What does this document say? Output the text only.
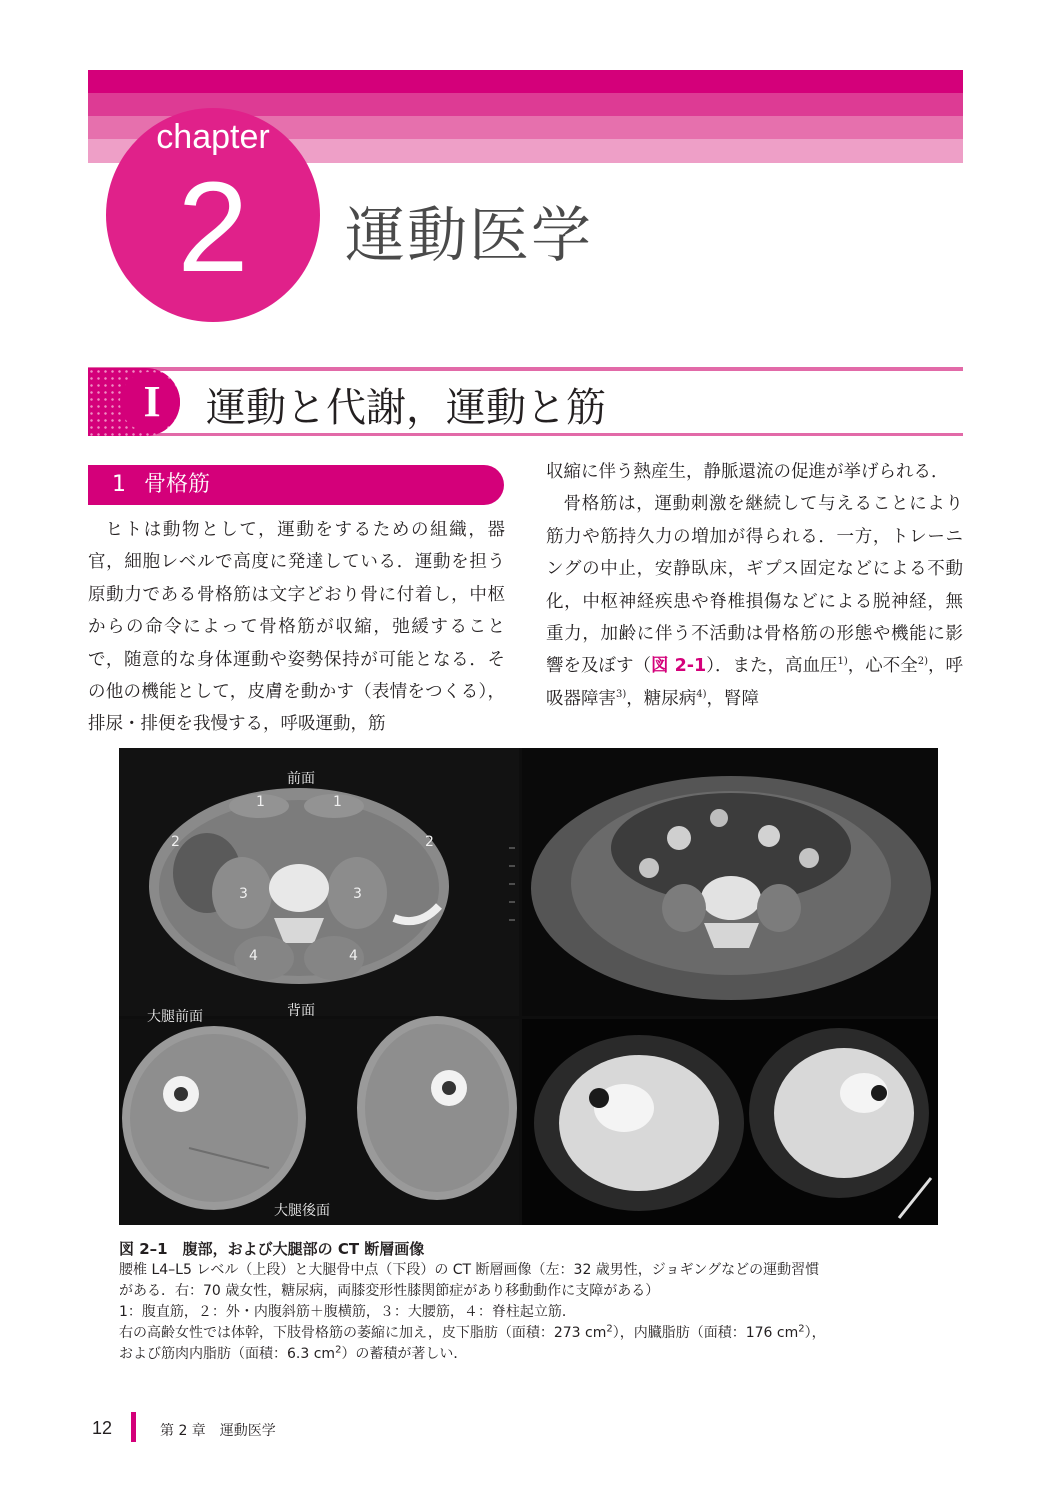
chapter
2	運動医学
I	運動と代謝，運動と筋
1 骨格筋

ヒトは動物として，運動をするための組織，器官，細胞レベルで高度に発達している．運動を担う原動力である骨格筋は文字どおり骨に付着し，中枢からの命令によって骨格筋が収縮，弛緩することで，随意的な身体運動や姿勢保持が可能となる．その他の機能として，皮膚を動かす（表情をつくる），排尿・排便を我慢する，呼吸運動，筋

収縮に伴う熱産生，静脈還流の促進が挙げられる．

骨格筋は，運動刺激を継続して与えることにより筋力や筋持久力の増加が得られる．一方，トレーニングの中止，安静臥床，ギプス固定などによる不動化，中枢神経疾患や脊椎損傷などによる脱神経，無重力，加齢に伴う不活動は骨格筋の形態や機能に影響を及ぼす（図 2-1）．また，高血圧$^{1)}$，心不全$^{2)}$，呼吸器障害$^{3)}$，糖尿病$^{4)}$，腎障

前面
1	1
2	2
3	3
4	4
背面
大腿前面
大腿後面
図 2–1　腹部，および大腿部の CT 断層画像
腰椎 L4–L5 レベル（上段）と大腿骨中点（下段）の CT 断層画像（左：32 歳男性，ジョギングなどの運動習慣
がある．右：70 歳女性，糖尿病，両膝変形性膝関節症があり移動動作に支障がある）
1：腹直筋，２：外・内腹斜筋＋腹横筋，３：大腰筋，４：脊柱起立筋．
右の高齢女性では体幹，下肢骨格筋の萎縮に加え，皮下脂肪（面積：273 $cm^2$），内臓脂肪（面積：176 $cm^2$），
および筋肉内脂肪（面積：6.3 $cm^2$）の蓄積が著しい．
12	第 2 章　運動医学
